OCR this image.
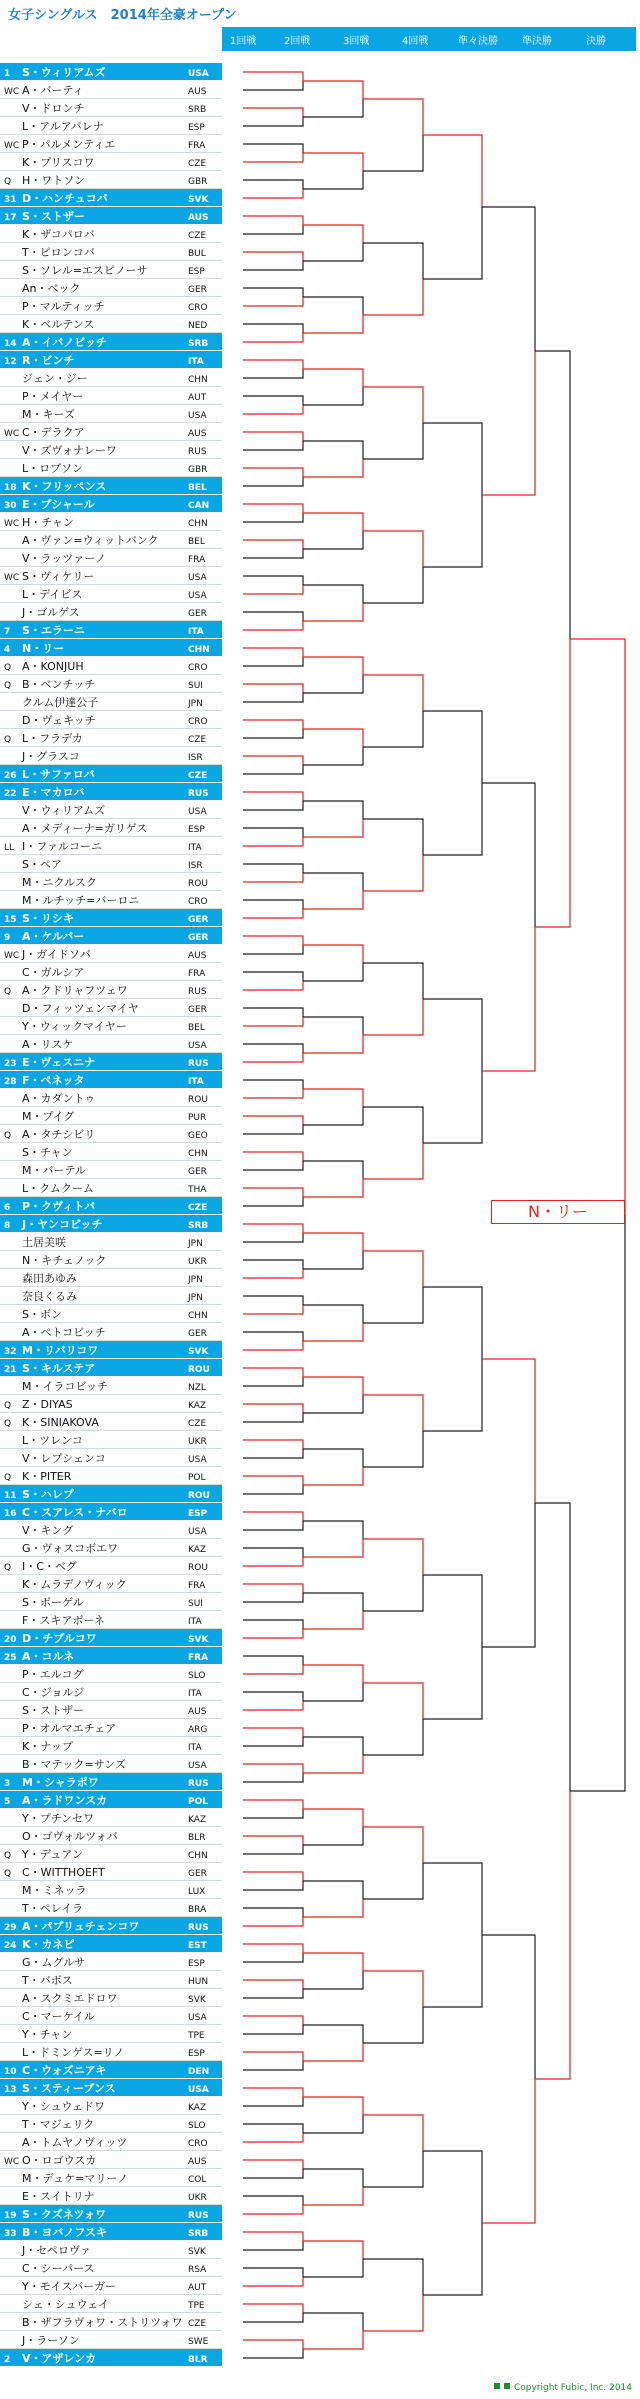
女子シングルス　2014年全豪オープン
1回戦	2回戦	3回戦	4回戦	準々決勝 準決勝	決勝
1 S・ウィリアムズ	USA
WC A・バーティ	AUS
V・ドロンチ	SRB
L・アルアバレナ	ESP
WC P・パルメンティエ	FRA
K・プリスコワ	CZE
Q H・ワトソン	GBR
31 D・ハンチュコバ	SVK
17 S・ストザー	AUS
K・ザコパロバ	CZE
T・ピロンコバ	BUL
S・ソレル=エスピノーサ	ESP
An・ベック	GER
P・マルティッチ	CRO
K・ベルテンス	NED
14 A・イバノビッチ	SRB
12 R・ビンチ	ITA
ジェン・ジー	CHN
P・メイヤー	AUT
M・キーズ	USA
WC C・デラクア	AUS
V・ズヴォナレーワ	RUS
L・ロブソン	GBR
18 K・フリッペンス	BEL
30 E・ブシャール	CAN
WC H・チャン	CHN
A・ヴァン=ウィットバンク	BEL
V・ラッツァーノ	FRA
WC S・ヴィケリー	USA
L・デイビス	USA
J・ゴルゲス	GER
7 S・エラーニ	ITA
4 N・リー	CHN
Q A・KONJUH	CRO
Q B・ベンチッチ	SUI
クルム伊達公子	JPN
D・ヴェキッチ	CRO
Q L・フラデカ	CZE
J・グラスコ	ISR
26 L・サファロバ	CZE
22 E・マカロバ	RUS
V・ウィリアムズ	USA
A・メディーナ=ガリゲス	ESP
LL I・ファルコーニ	ITA
S・ペア	ISR
M・ニクルスク	ROU
M・ルチッチ=バーロニ	CRO
15 S・リシキ	GER
9 A・ケルバー	GER
WC J・ガイドソバ	AUS
C・ガルシア	FRA
Q A・クドリャフツェワ	RUS
D・フィッツェンマイヤ	GER
Y・ウィックマイヤー	BEL
A・リスケ	USA
23 E・ヴェスニナ	RUS
28 F・ペネッタ	ITA
A・カダントゥ	ROU
M・プイグ	PUR
Q A・タチシビリ	GEO
S・チャン	CHN
M・バーテル	GER
L・クムクーム	THA
6 P・クヴィトバ	CZE
8 J・ヤンコビッチ	SRB
土居美咲	JPN
N・キチェノック	UKR
森田あゆみ	JPN
奈良くるみ	JPN
S・ボン	CHN
A・ペトコビッチ	GER
32 M・リバリコワ	SVK
21 S・キルステア	ROU
M・イラコビッチ	NZL
Q Z・DIYAS	KAZ
Q K・SINIAKOVA	CZE
L・ツレンコ	UKR
V・レプシェンコ	USA
Q K・PITER	POL
11 S・ハレプ	ROU
16 C・スアレス・ナバロ	ESP
V・キング	USA
G・ヴォスコボエワ	KAZ
Q I・C・ベグ	ROU
K・ムラデノヴィック	FRA
S・ボーゲル	SUI
F・スキアボーネ	ITA
20 D・チブルコワ	SVK
25 A・コルネ	FRA
P・エルコグ	SLO
C・ジョルジ	ITA
S・ストザー	AUS
P・オルマエチェア	ARG
K・ナップ	ITA
B・マテック=サンズ	USA
3 M・シャラポワ	RUS
5 A・ラドワンスカ	POL
Y・プチンセワ	KAZ
O・ゴヴォルツォバ	BLR
Q Y・デュアン	CHN
Q C・WITTHOEFT	GER
M・ミネッラ	LUX
T・ペレイラ	BRA
29 A・パブリュチェンコワ	RUS
24 K・カネピ	EST
G・ムグルサ	ESP
T・バボス	HUN
A・スクミエドロワ	SVK
C・マーケイル	USA
Y・チャン	TPE
L・ドミンゲス=リノ	ESP
10 C・ウォズニアキ	DEN
13 S・スティーブンス	USA
Y・シュウェドワ	KAZ
T・マジェリク	SLO
A・トムヤノヴィッツ	CRO
WC O・ロゴウスカ	AUS
M・デュケ=マリーノ	COL
E・スイトリナ	UKR
19 S・クズネツォワ	RUS
33 B・ヨバノフスキ	SRB
J・セペロヴァ	SVK
C・シーパース	RSA
Y・モイスバーガー	AUT
シェ・シュウェイ	TPE
B・ザフラヴォワ・ストリツォワ CZE
J・ラーソン	SWE
2 V・アザレンカ	BLR
N・リー
Copyright Fubic, Inc. 2014
